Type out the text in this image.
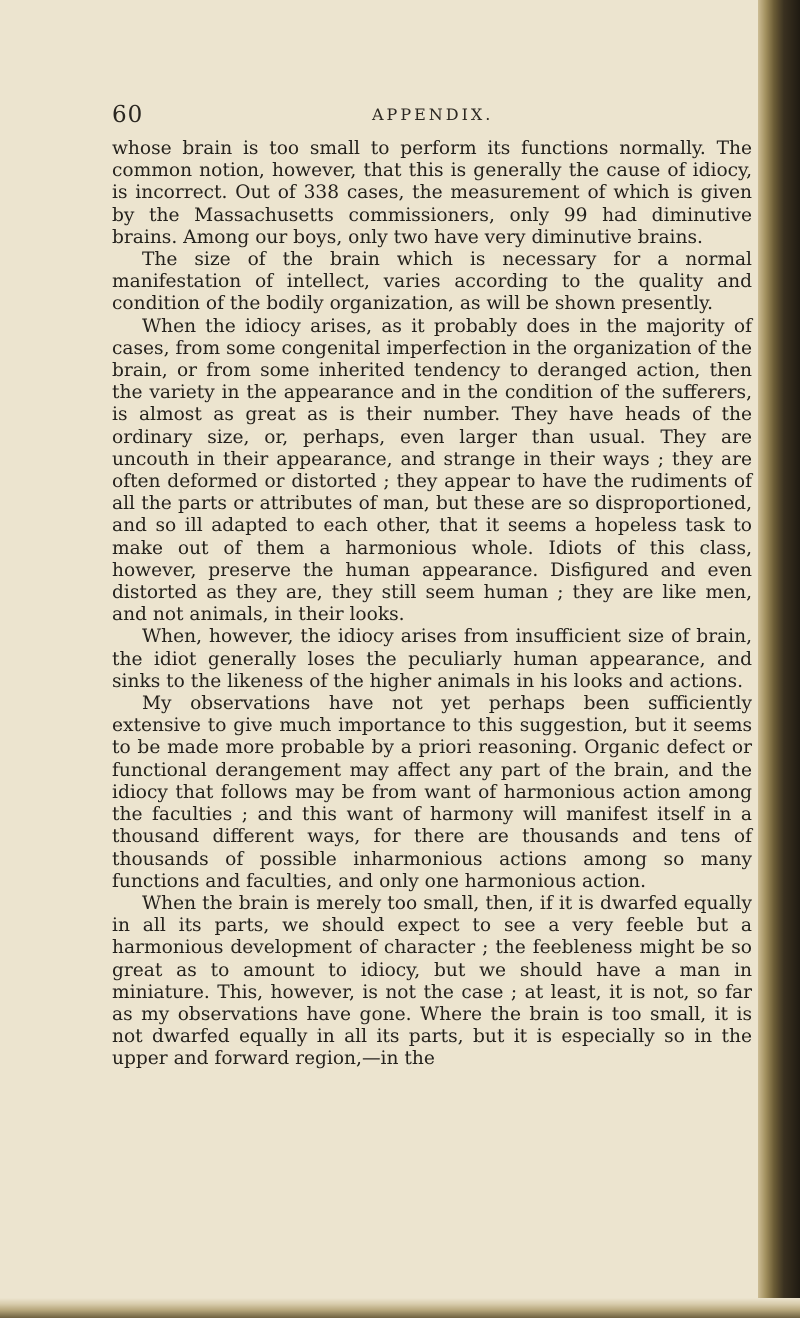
60	APPENDIX.

whose brain is too small to perform its functions normally. The common notion, however, that this is generally the cause of idiocy, is incorrect. Out of 338 cases, the measurement of which is given by the Massachusetts commissioners, only 99 had diminutive brains. Among our boys, only two have very diminutive brains.

The size of the brain which is necessary for a normal manifestation of intellect, varies according to the quality and condition of the bodily organization, as will be shown presently.

When the idiocy arises, as it probably does in the majority of cases, from some congenital imperfection in the organization of the brain, or from some inherited tendency to deranged action, then the variety in the appearance and in the condition of the sufferers, is almost as great as is their number. They have heads of the ordinary size, or, perhaps, even larger than usual. They are uncouth in their appearance, and strange in their ways ; they are often deformed or distorted ; they appear to have the rudiments of all the parts or attributes of man, but these are so disproportioned, and so ill adapted to each other, that it seems a hopeless task to make out of them a harmonious whole. Idiots of this class, however, preserve the human appearance. Disfigured and even distorted as they are, they still seem human ; they are like men, and not animals, in their looks.

When, however, the idiocy arises from insufficient size of brain, the idiot generally loses the peculiarly human appearance, and sinks to the likeness of the higher animals in his looks and actions.

My observations have not yet perhaps been sufficiently extensive to give much importance to this suggestion, but it seems to be made more probable by a priori reasoning. Organic defect or functional derangement may affect any part of the brain, and the idiocy that follows may be from want of harmonious action among the faculties ; and this want of harmony will manifest itself in a thousand different ways, for there are thousands and tens of thousands of possible inharmonious actions among so many functions and faculties, and only one harmonious action.

When the brain is merely too small, then, if it is dwarfed equally in all its parts, we should expect to see a very feeble but a harmonious development of character ; the feebleness might be so great as to amount to idiocy, but we should have a man in miniature. This, however, is not the case ; at least, it is not, so far as my observations have gone. Where the brain is too small, it is not dwarfed equally in all its parts, but it is especially so in the upper and forward region,—in the
